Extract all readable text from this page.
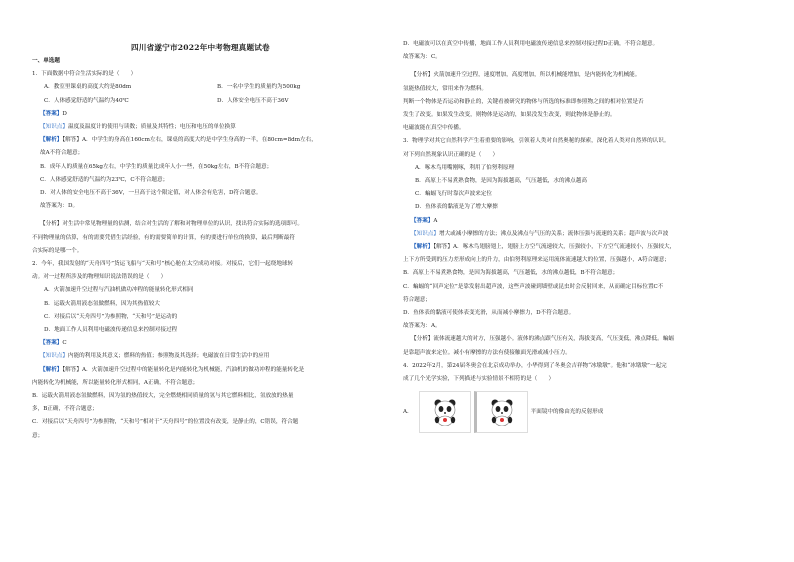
四川省遂宁市2022年中考物理真题试卷
一、单选题
1．下面数据中符合生活实际的是（　　）
A．教室里课桌的高度大约是80dm	B．一名中学生的质量约为500kg
C．人体感觉舒适的气温约为40℃	D．人体安全电压不高于36V
【答案】D
【知识点】温度及温度计的使用与读数；质量及其特性；电压和电压的单位换算
【解析】【解答】A．中学生的身高在160cm左右，课桌的高度大约是中学生身高的一半，在80cm=8dm左右，
故A不符合题意；
B．成年人的质量在65kg左右，中学生的质量比成年人小一些，在50kg左右，B不符合题意；
C．人体感觉舒适的气温约为23℃，C不符合题意；
D．对人体的安全电压不高于36V，一旦高于这个限定值，对人体会有危害，D符合题意。
故答案为：D。
【分析】对生活中常见物理量的估测，结合对生活的了解和对物理单位的认识，找出符合实际的选项即可。
不同物理量的估算，有的需要凭借生活经验，有的需要简单的计算，有的要进行单位的换算，最后判断最符
合实际的是哪一个。
2．今年，我国发射的“天舟四号”货运飞船与“天和号”核心舱在太空成功对接。对接后，它们一起绕地球转
动。对一过程所涉及的物理知识说法错误的是（　　）
A．火箭加速升空过程与汽油机做功冲程的能量转化形式相同
B．运载火箭用液态氢做燃料，因为其热值较大
C．对接后以“天舟四号”为参照物，“天和号”是运动的
D．地面工作人员利用电磁波传递信息来控制对接过程
【答案】C
【知识点】内能的利用及其意义；燃料的热值；参照物及其选择；电磁波在日常生活中的应用
【解析】【解答】A．火箭加速升空过程中的能量转化是内能转化为机械能，汽油机的做功冲程的能量转化是
内能转化为机械能，所以能量转化形式相同，A正确，不符合题意；
B．运载火箭用液态氢做燃料，因为氢的热值较大，完全燃烧相同质量的氢与其它燃料相比，氢放放的热量
多，B正确，不符合题意；
C．对接后以“天舟四号”为参照物，“天和号”相对于“天舟四号”的位置没有改变，是静止的，C错误，符合题
意；
D．电磁波可以在真空中传播，地面工作人员利用电磁波传递信息来控制对接过程D正确，不符合题意。
故答案为：C。
【分析】火箭加速升空过程，速度增加，高度增加，所以机械能增加，是内能转化为机械能。
氢能热值较大，常用来作为燃料。
判断一个物体是否运动和静止的，关键看被研究的物体与所选的标准即参照物之间的相对位置是否
发生了改变。如果发生改变，则物体是运动的，如果没发生改变，则此物体是静止的。
电磁波能在真空中传播。
3．物理学对其它自然科学产生着重要的影响，引领着人类对自然奥秘的探索，深化着人类对自然界的认识。
对下列自然现象认识正确的是（　　）
A．啄木鸟用嘴刚啄，利用了伯努利原理
B．高原上不易煮熟食物，是因为海拔越高，气压越低，水的沸点越高
C．蝙蝠飞行时靠次声波来定位
D．鱼体表的黏液是为了增大摩擦
【答案】A
【知识点】增大或减小摩擦的方法；沸点及沸点与气压的关系；流体压强与流速的关系；超声波与次声波
【解析】【解答】A．啄木鸟翅膀翅上，翅膀上方空气流速较大，压强较小，下方空气流速较小，压强较大，
上下方所受到的压力差形成向上的升力，由伯努利原理来运用流体流速越大的位置，压强越小，A符合题意；
B．高原上不易煮熟食物，是因为海拔越高，气压越低，水的沸点越低，B不符合题意；
C．蝙蝠的“回声定位”是靠发射出超声波，这些声波碰到墙壁或昆虫时会反射回来，从而确定目标位置C不
符合题意；
D．鱼体表的黏液可使体表变光滑，从而减小摩擦力，D不符合题意。
故答案为：A。
【分析】流体流速越大的对方，压强越小。液体的沸点跟气压有关，海拔变高，气压变低，沸点降低。蝙蝠
是靠超声波来定位。减小有摩擦的方法有使接触面光滑或减小压力。
4．2022年2月，第24届冬奥会在北京成功举办，小华得到了冬奥会吉祥物“冰墩墩”。他和“冰墩墩”一起完
成了几个光学实验，下列描述与实验情景不相符的是（　　）
A．	平面镜中的像由光的反射形成
